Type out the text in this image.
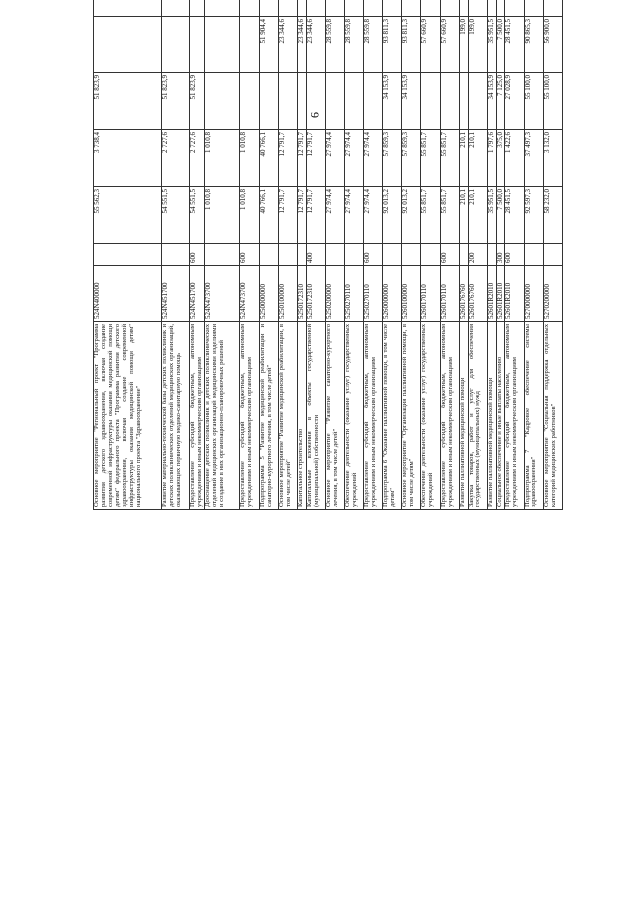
9
Основное мероприятие "Региональный проект "Программа развития детского здравоохранения, включая создание современной инфраструктуры оказания медицинской помощи детям" федерального проекта "Программа развития детского здравоохранения, включая создание современной инфраструктуры оказания медицинской помощи детям" национального проекта "Здравоохранение"	524N400000		55 562,3	3 738,4	51 823,9						
Развитие материально-технической базы детских поликлиник и детских поликлинических отделений медицинских организаций, оказывающих первичную медико-санитарную помощь	524N451700		54 551,5	2 727,6	51 823,9						
Предоставление субсидий бюджетным, автономным учреждениям и иным некоммерческим организациям	524N451700	600	54 551,5	2 727,6	51 823,9						
Дооснащение детских поликлиник и детских поликлинических отделений медицинских организаций медицинскими изделиями и создание в них организационно-планировочных решений	524N473700		1 010,8	1 010,8							
Предоставление субсидий бюджетным, автономным учреждениям и иным некоммерческим организациям	524N473700	600	1 010,8	1 010,8							
Подпрограмма 5 "Развитие медицинской реабилитации и санаторно-курортного лечения, в том числе детей"	5250000000		40 766,1	40 766,1		51 904,4					
Основное мероприятие "Развитие медицинской реабилитации, в том числе детей"	5250100000		12 791,7	12 791,7		23 344,6					
Капитальное строительство	5250172310		12 791,7	12 791,7		23 344,6					
Капитальные вложения в объекты государственной (муниципальной) собственности	5250172310	400	12 791,7	12 791,7		23 344,6					
Основное мероприятие "Развитие санаторно-курортного лечения, в том числе детей"	5250200000		27 974,4	27 974,4		28 559,8					
Обеспечение деятельности (оказание услуг) государственных учреждений	5250270110		27 974,4	27 974,4		28 559,8					
Предоставление субсидий бюджетным, автономным учреждениям и иным некоммерческим организациям	5250270110	600	27 974,4	27 974,4		28 559,8					
Подпрограмма 6 "Оказание паллиативной помощи, в том числе детям"	5260000000		92 013,2	57 859,3	34 153,9	93 811,3					
Основное мероприятие "Организация паллиативной помощи, в том числе детям"	5260100000		92 013,2	57 859,3	34 153,9	93 811,3					
Обеспечение деятельности (оказание услуг) государственных учреждений	5260170110		55 851,7	55 851,7		57 660,9					
Предоставление субсидий бюджетным, автономным учреждениям и иным некоммерческим организациям	5260170110	600	55 851,7	55 851,7		57 660,9					
Развитие паллиативной медицинской помощи	5260176760		210,1	210,1		199,0					
Закупка товаров, работ и услуг для обеспечения государственных (муниципальных) нужд	5260176760	200	210,1	210,1		199,0					
Развитие паллиативной медицинской помощи	52601R2010		35 951,5	1 797,6	34 153,9	35 951,5					
Социальное обеспечение и иные выплаты населению	52601R2010	300	7 500,0	375,0	7 125,0	7 500,0					
Предоставление субсидий бюджетным, автономным учреждениям и иным некоммерческим организациям	52601R2010	600	28 451,5	1 422,6	27 028,9	28 451,5					
Подпрограмма 7 "Кадровое обеспечение системы здравоохранения"	5270000000		92 597,3	37 497,3	55 100,0	90 865,3					
Основное мероприятие "Социальная поддержка отдельных категорий медицинских работников"	5270200000		58 232,0	3 132,0	55 100,0	56 900,0					
